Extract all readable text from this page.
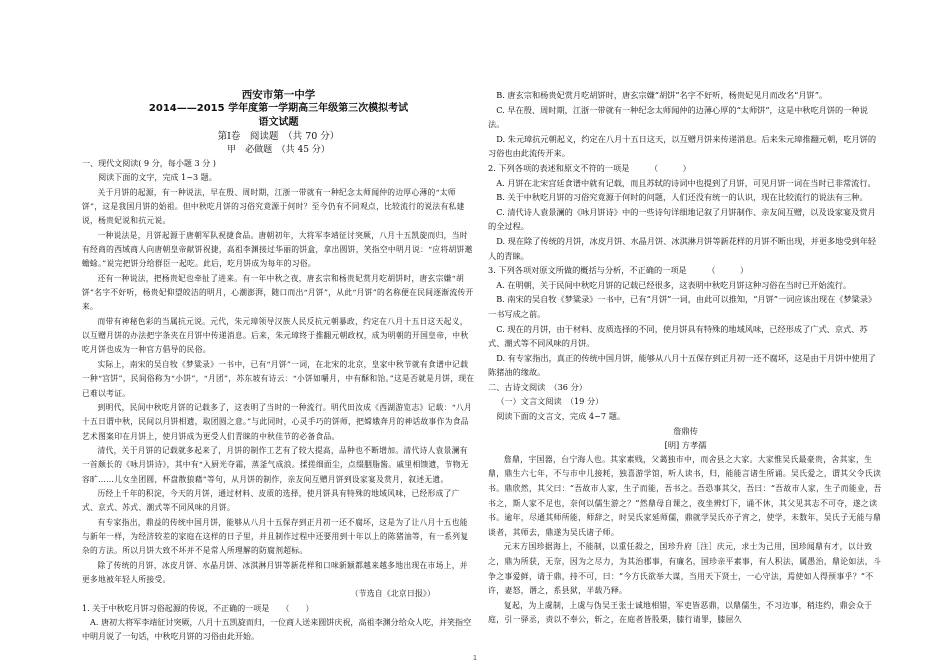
西安市第一中学
2014——2015 学年度第一学期高三年级第三次模拟考试
语文试题
第Ⅰ卷　阅读题　（共 70 分）
甲　必做题　（共 45 分）

一、现代文阅读( 9 分，每小题 3 分 )

阅读下面的文字，完成 1~3 题。

关于月饼的起源，有一种说法，早在殷、周时期，江浙一带就有一种纪念太师闻仲的边厚心薄的“太师饼”，这是我国月饼的始祖。但中秋吃月饼的习俗究竟源于何时？至今仍有不同观点，比较流行的说法有私建说，杨贵妃说和抗元说。

一种说法是，月饼起源于唐朝军队祝捷食品。唐朝初年，大将军李靖征讨突厥，八月十五凯旋而归，当时有经商的西域商人向唐朝皇帝献饼祝捷，高祖李渊接过华丽的饼盒，拿出圆饼，笑指空中明月说：“应将胡饼邀蟾蜍。”说完把饼分给群臣一起吃。此后，吃月饼成为每年的习俗。

还有一种说法，把杨贵妃也牵扯了进来。有一年中秋之夜，唐玄宗和杨贵妃赏月吃胡饼时，唐玄宗嫌“胡饼”名字不好听，杨贵妃仰望皎洁的明月，心潮澎湃，随口而出“月饼”，从此“月饼”的名称便在民间逐渐流传开来。

而带有神秘色彩的当属抗元说。元代，朱元璋领导汉族人民反抗元朝暴政，约定在八月十五日这天起义，以互赠月饼的办法把字条夹在月饼中传递消息。后来，朱元璋终于推翻元朝政权，成为明朝的开国皇帝，中秋吃月饼也成为一种官方倡导的民俗。

实际上，南宋的吴自牧《梦粱录》一书中，已有“月饼”一词，在北宋的北京，皇家中秋节就有食谱中记载一种“宫饼”，民间俗称为“小饼”，“月团”，苏东坡有诗云：“小饼如嚼月，中有酥和饴。”这是否就是月饼，现在已难以考证。

到明代，民间中秋吃月饼的记载多了，这表明了当时的一种流行。明代田汝成《西湖游览志》记载：“八月十五日谓中秋，民间以月饼相遗，取团圆之意。”与此同时，心灵手巧的饼师，把嫦娥奔月的神话故事作为食品艺术图案印在月饼上，使月饼成为更受人们青睐的中秋佳节的必备食品。

清代，关于月饼的记载就多起来了，月饼的制作工艺有了较大提高，品种也不断增加。清代诗人袁景澜有一首颇长的《咏月饼诗》，其中有“入厨光夺霜，蒸釜气成浪。揉搓细面尘，点缀胭脂酱。戚里相馈遗，节物无容旷……儿女坐团圆，杯盘散狼藉”等句，从月饼的制作，亲友间互赠月饼到设家宴及赏月，叙述无遗。

历经上千年的积淀，今天的月饼，通过材料、皮质的选择，使月饼具有特殊的地域风味，已经形成了广式、京式、苏式、潮式等不同风味的月饼。

有专家指出，鼎益的传统中国月饼，能够从八月十五保存到正月初一还不腐坏，这是为了让八月十五也能与新年一样，为经济较差的家庭在这样的日子里，并且制作过程中还要用到十年以上的陈猪油等，有一系列复杂的方法。所以月饼大致不坏并不是常人所理解的防腐剂超标。

除了传统的月饼，冰皮月饼、水晶月饼、冰淇淋月饼等新花样和口味新颖都越来越多地出现在市场上，并更多地被年轻人所接受。

（节选自《北京日报》）

1. 关于中秋吃月饼习俗起源的传说，不正确的一项是　　（　　）

A. 唐初大将军李靖征讨突厥，八月十五凯旋而归，一位商人送来圆饼庆祝，高祖李渊分给众人吃，并笑指空中明月说了一句话，中秋吃月饼的习俗由此开始。

B. 唐玄宗和杨贵妃赏月吃胡饼时，唐玄宗嫌“胡饼”名字不好听，杨贵妃见月而改名“月饼”。

C. 早在殷、周时期，江浙一带就有一种纪念太师闻仲的边薄心厚的“太师饼”，这是中秋吃月饼的一种说法。

D. 朱元璋抗元朝起义，约定在八月十五日这天，以互赠月饼来传递消息。后来朱元璋推翻元朝，吃月饼的习俗也由此流传开来。

2. 下列各项的表述和原文不符的一项是　　　（　　　）

A. 月饼在北宋宫廷食谱中就有记载，而且苏轼的诗词中也提到了月饼，可见月饼一词在当时已非常流行。

B. 关于中秋吃月饼的习俗究竟源于何时的问题，人们还没有统一的认识，现在比较流行的说法有三种。

C. 清代诗人袁景澜的《咏月饼诗》中的一些诗句详细地记叙了月饼制作、亲友间互赠，以及设家宴及赏月的全过程。

D. 现在除了传统的月饼，冰皮月饼、水晶月饼、冰淇淋月饼等新花样的月饼不断出现，并更多地受到年轻人的青睐。

3. 下列各项对原文所做的概括与分析，不正确的一项是　　　（　　　）

A. 在明朝，关于民间中秋吃月饼的记载已经很多，这表明中秋吃月饼这种习俗在当时已开始流行。

B. 南宋的吴自牧《梦粱录》一书中，已有“月饼”一词，由此可以推知，“月饼”一词应该出现在《梦粱录》一书写成之前。

C. 现在的月饼，由于材料、皮质选择的不同，使月饼具有特殊的地域风味，已经形成了广式、京式、苏式、潮式等不同风味的月饼。

D. 有专家指出，真正的传统中国月饼，能够从八月十五保存到正月初一还不腐坏，这是由于月饼中使用了陈猪油的缘故。

二、古诗文阅读　（36 分）

（一）文言文阅读　（19 分）

阅读下面的文言文，完成 4~7 题。

詹鼎传

[明] 方孝孺

詹鼎，宇国器，台宁海人也。其家素贱，父蔼独市中，而舍县之大家。大家惟吴氏最豪贵，舍其家，生鼎，鼎生六七年，不与市中儿接耗，独喜游学馆，听人读书，归，能能言诸生所诵。吴氏爱之，谓其父令氏读书。鼎欣然，其父曰：“吾故市人家，生子而能，吾书之。吾恐事其父，吾曰：“吾故市人家，生子而能业，吾书之，斯人家不足也，奈何以儒生游之？”然鼎母自课之，夜坐辨灯下，诵不休，其父见其志不可夺，遂之读书。逾年，尽通其师所能，师辞之，时吴氏家延师儒，鼎就学吴氏亦子宵之，使学，未数年，吴氏子无能与鼎谈者，其师去，鼎遂为吴氏诸子师。

元末方国珍据海上，不能制，以重任殺之，国珍升府［注］庆元，求士为己用，国珍闻鼎有才，以计致之，鼎为所获，无奈，因为之尽力，为其治郡事，有廉名，国珍亲平素事，有人积法，属愚治，鼎论如法，斗争之事爱鲜，请于鼎，持不可，曰：“今方氏欲举大谋，当用天下贤士，一心守法，焉使如人得预事乎？”不许，妻怒，谮之，系县狱，半载乃释。

复起，为上虞制，上虞与伪吴王张士诚地相错，军吏皆恶鼎，以鼎儒生，不习边事，稍违约，鼎会众于庭，引一驿丞，责以不奉公，斩之，在庭者皆股栗，膝行请罪，膝屈久

1
